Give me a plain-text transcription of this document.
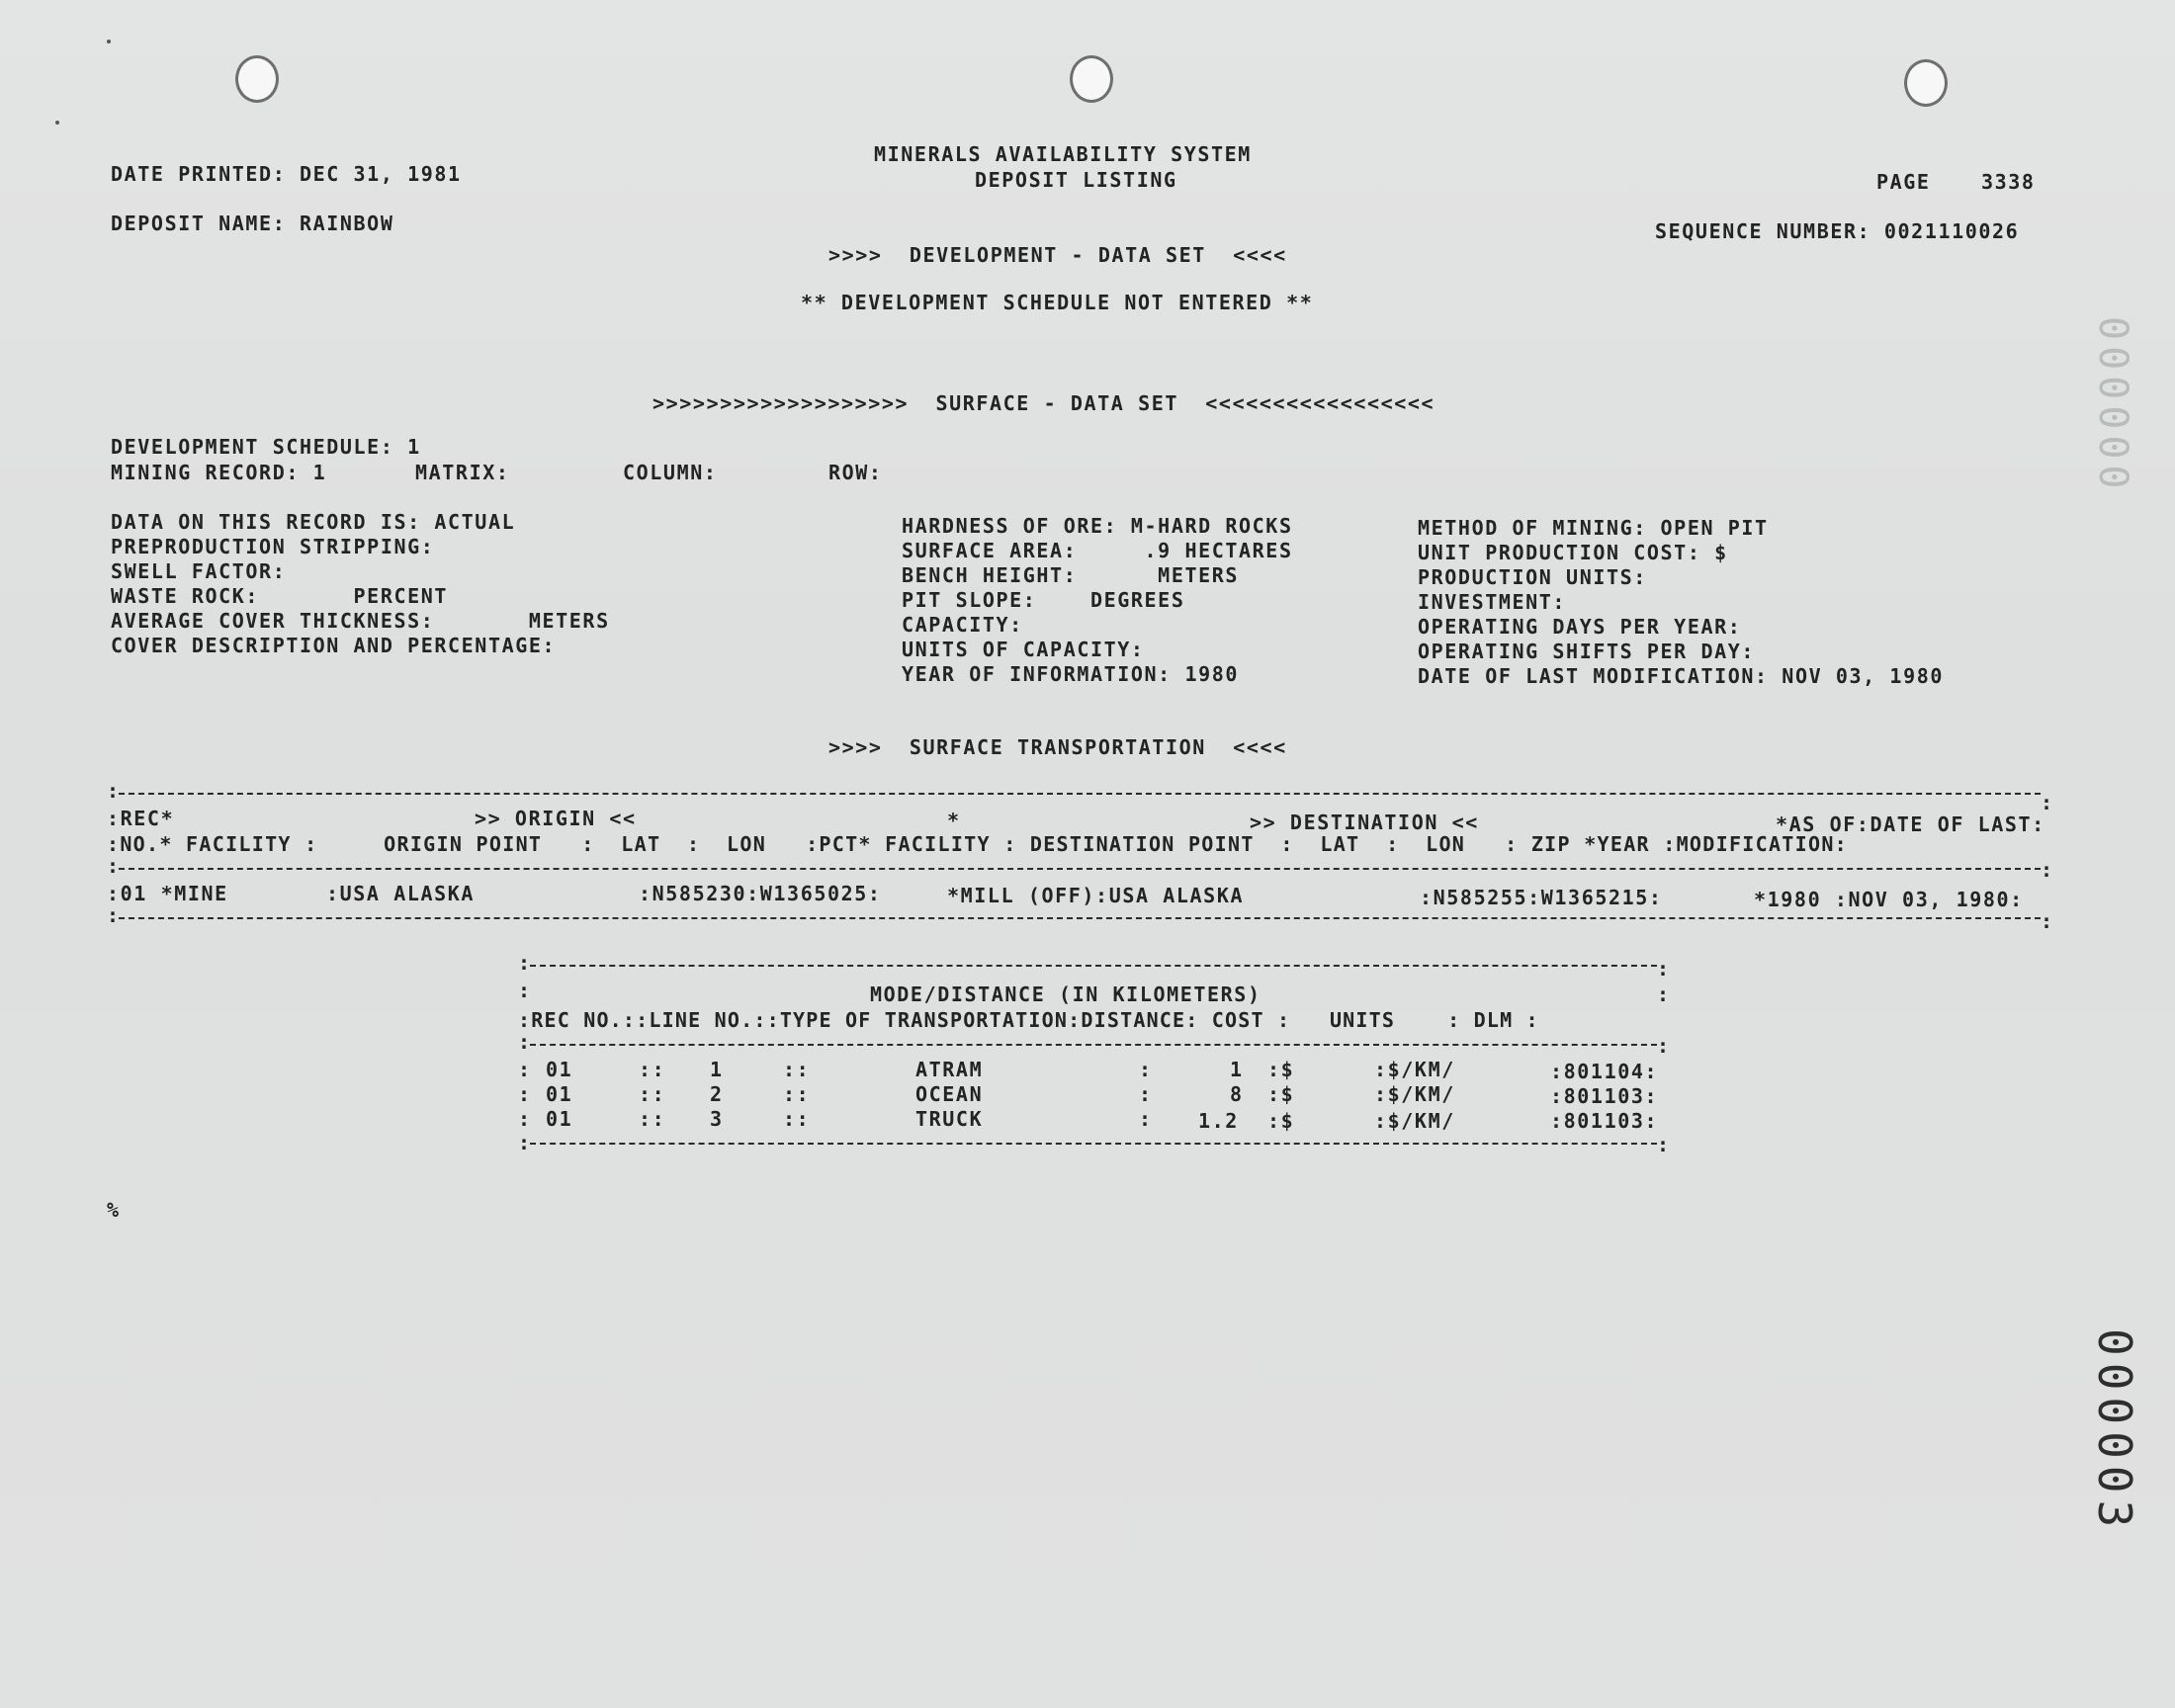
DATE PRINTED: DEC 31, 1981
MINERALS AVAILABILITY SYSTEM
DEPOSIT LISTING	PAGE	3338
DEPOSIT NAME: RAINBOW	SEQUENCE NUMBER: 0021110026
>>>>  DEVELOPMENT - DATA SET  <<<<
** DEVELOPMENT SCHEDULE NOT ENTERED **
>>>>>>>>>>>>>>>>>>>  SURFACE - DATA SET  <<<<<<<<<<<<<<<<<
DEVELOPMENT SCHEDULE: 1
MINING RECORD: 1	MATRIX:	COLUMN:	ROW:
DATA ON THIS RECORD IS: ACTUAL
PREPRODUCTION STRIPPING:
SWELL FACTOR:
WASTE ROCK:       PERCENT
AVERAGE COVER THICKNESS:       METERS
COVER DESCRIPTION AND PERCENTAGE:
HARDNESS OF ORE: M-HARD ROCKS
SURFACE AREA:     .9 HECTARES
BENCH HEIGHT:      METERS
PIT SLOPE:    DEGREES
CAPACITY:
UNITS OF CAPACITY:
YEAR OF INFORMATION: 1980
METHOD OF MINING: OPEN PIT
UNIT PRODUCTION COST: $
PRODUCTION UNITS:
INVESTMENT:
OPERATING DAYS PER YEAR:
OPERATING SHIFTS PER DAY:
DATE OF LAST MODIFICATION: NOV 03, 1980
>>>>  SURFACE TRANSPORTATION  <<<<
:	:
:REC*	>> ORIGIN <<	*	>> DESTINATION <<	*AS OF:DATE OF LAST:
:NO.* FACILITY :     ORIGIN POINT   :  LAT  :  LON   :PCT* FACILITY : DESTINATION POINT  :  LAT  :  LON   : ZIP *YEAR :MODIFICATION:
:	:
:01 *MINE	:USA ALASKA	:N585230:W1365025:	*MILL (OFF):USA ALASKA	:N585255:W1365215:	*1980 :NOV 03, 1980:
:	:
:	:
:	MODE/DISTANCE (IN KILOMETERS)	:
:REC NO.::LINE NO.::TYPE OF TRANSPORTATION:DISTANCE: COST :   UNITS    : DLM :
:	:
: 01	:: 1	::	ATRAM	:	1 :$	:$/KM/	:801104:
: 01	:: 2	::	OCEAN	:	8 :$	:$/KM/	:801103:
: 01	:: 3	::	TRUCK	: 1.2 :$	:$/KM/	:801103:
:	:
%
000000
000003
